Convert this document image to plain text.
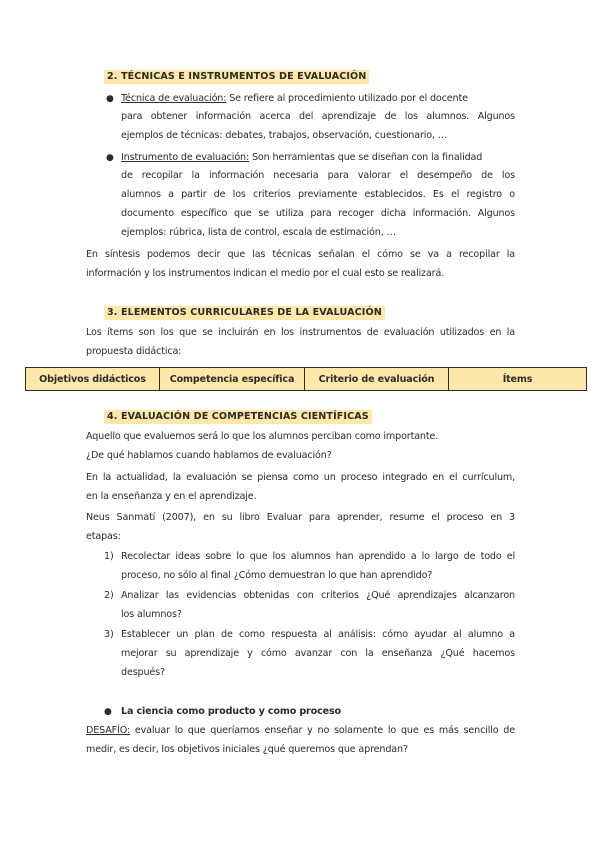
2. TÉCNICAS E INSTRUMENTOS DE EVALUACIÓN
● Técnica de evaluación: Se refiere al procedimiento utilizado por el docente
para obtener información acerca del aprendizaje de los alumnos. Algunos
ejemplos de técnicas: debates, trabajos, observación, cuestionario, …
● Instrumento de evaluación: Son herramientas que se diseñan con la finalidad
de recopilar la información necesaria para valorar el desempeño de los
alumnos a partir de los criterios previamente establecidos. Es el registro o
documento específico que se utiliza para recoger dicha información. Algunos
ejemplos: rúbrica, lista de control, escala de estimación, …
En síntesis podemos decir que las técnicas señalan el cómo se va a recopilar la
información y los instrumentos indican el medio por el cual esto se realizará.
3. ELEMENTOS CURRICULARES DE LA EVALUACIÓN
Los ítems son los que se incluirán en los instrumentos de evaluación utilizados en la
propuesta didáctica:
Objetivos didácticos	Competencia específica	Criterio de evaluación	Ítems
4. EVALUACIÓN DE COMPETENCIAS CIENTÍFICAS
Aquello que evaluemos será lo que los alumnos perciban como importante.
¿De qué hablamos cuando hablamos de evaluación?
En la actualidad, la evaluación se piensa como un proceso integrado en el currículum,
en la enseñanza y en el aprendizaje.
Neus Sanmatí (2007), en su libro Evaluar para aprender, resume el proceso en 3
etapas:
1) Recolectar ideas sobre lo que los alumnos han aprendido a lo largo de todo el
proceso, no sólo al final ¿Cómo demuestran lo que han aprendido?
2) Analizar las evidencias obtenidas con criterios ¿Qué aprendizajes alcanzaron
los alumnos?
3) Establecer un plan de como respuesta al análisis: cómo ayudar al alumno a
mejorar su aprendizaje y cómo avanzar con la enseñanza ¿Qué hacemos
después?
● La ciencia como producto y como proceso
DESAFÍO: evaluar lo que queríamos enseñar y no solamente lo que es más sencillo de
medir, es decir, los objetivos iniciales ¿qué queremos que aprendan?
